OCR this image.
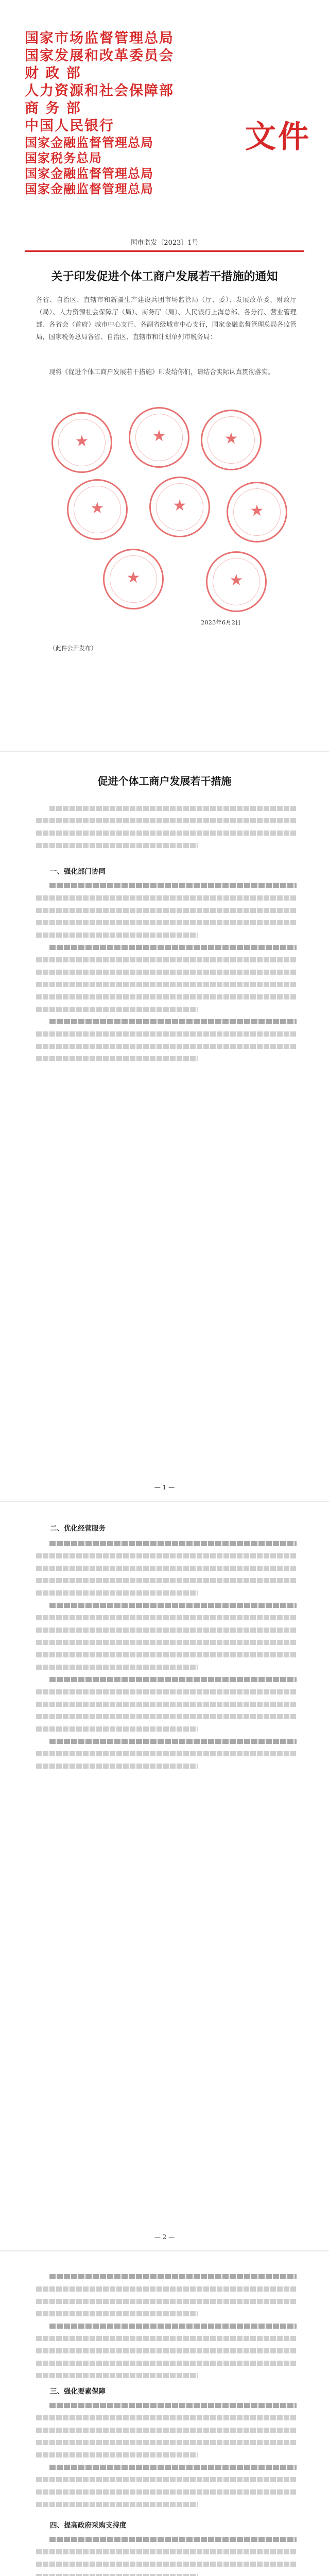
国家市场监督管理总局
国家发展和改革委员会
财 政 部
人力资源和社会保障部
商 务 部
中国人民银行
国家金融监督管理总局
国家税务总局
国家金融监督管理总局
国家金融监督管理总局
文件
国市监发〔2023〕1号
关于印发促进个体工商户发展若干措施的通知
各省、自治区、直辖市和新疆生产建设兵团市场监管局（厅、委）、发展改革委、财政厅（局）、人力资源社会保障厅（局）、商务厅（局）、人民银行上海总部、各分行、营业管理部、各省会（首府）城市中心支行、各副省级城市中心支行，国家金融监督管理总局各监管局，国家税务总局各省、自治区、直辖市和计划单列市税务局：
现将《促进个体工商户发展若干措施》印发给你们，请结合实际认真贯彻落实。
★	★	★
★	★	★
★	★
2023年6月2日
（此件公开发布）
促进个体工商户发展若干措施
一、强化部门协同
— 1 —
二、优化经营服务
— 2 —
三、强化要素保障
四、提高政府采购支持度
